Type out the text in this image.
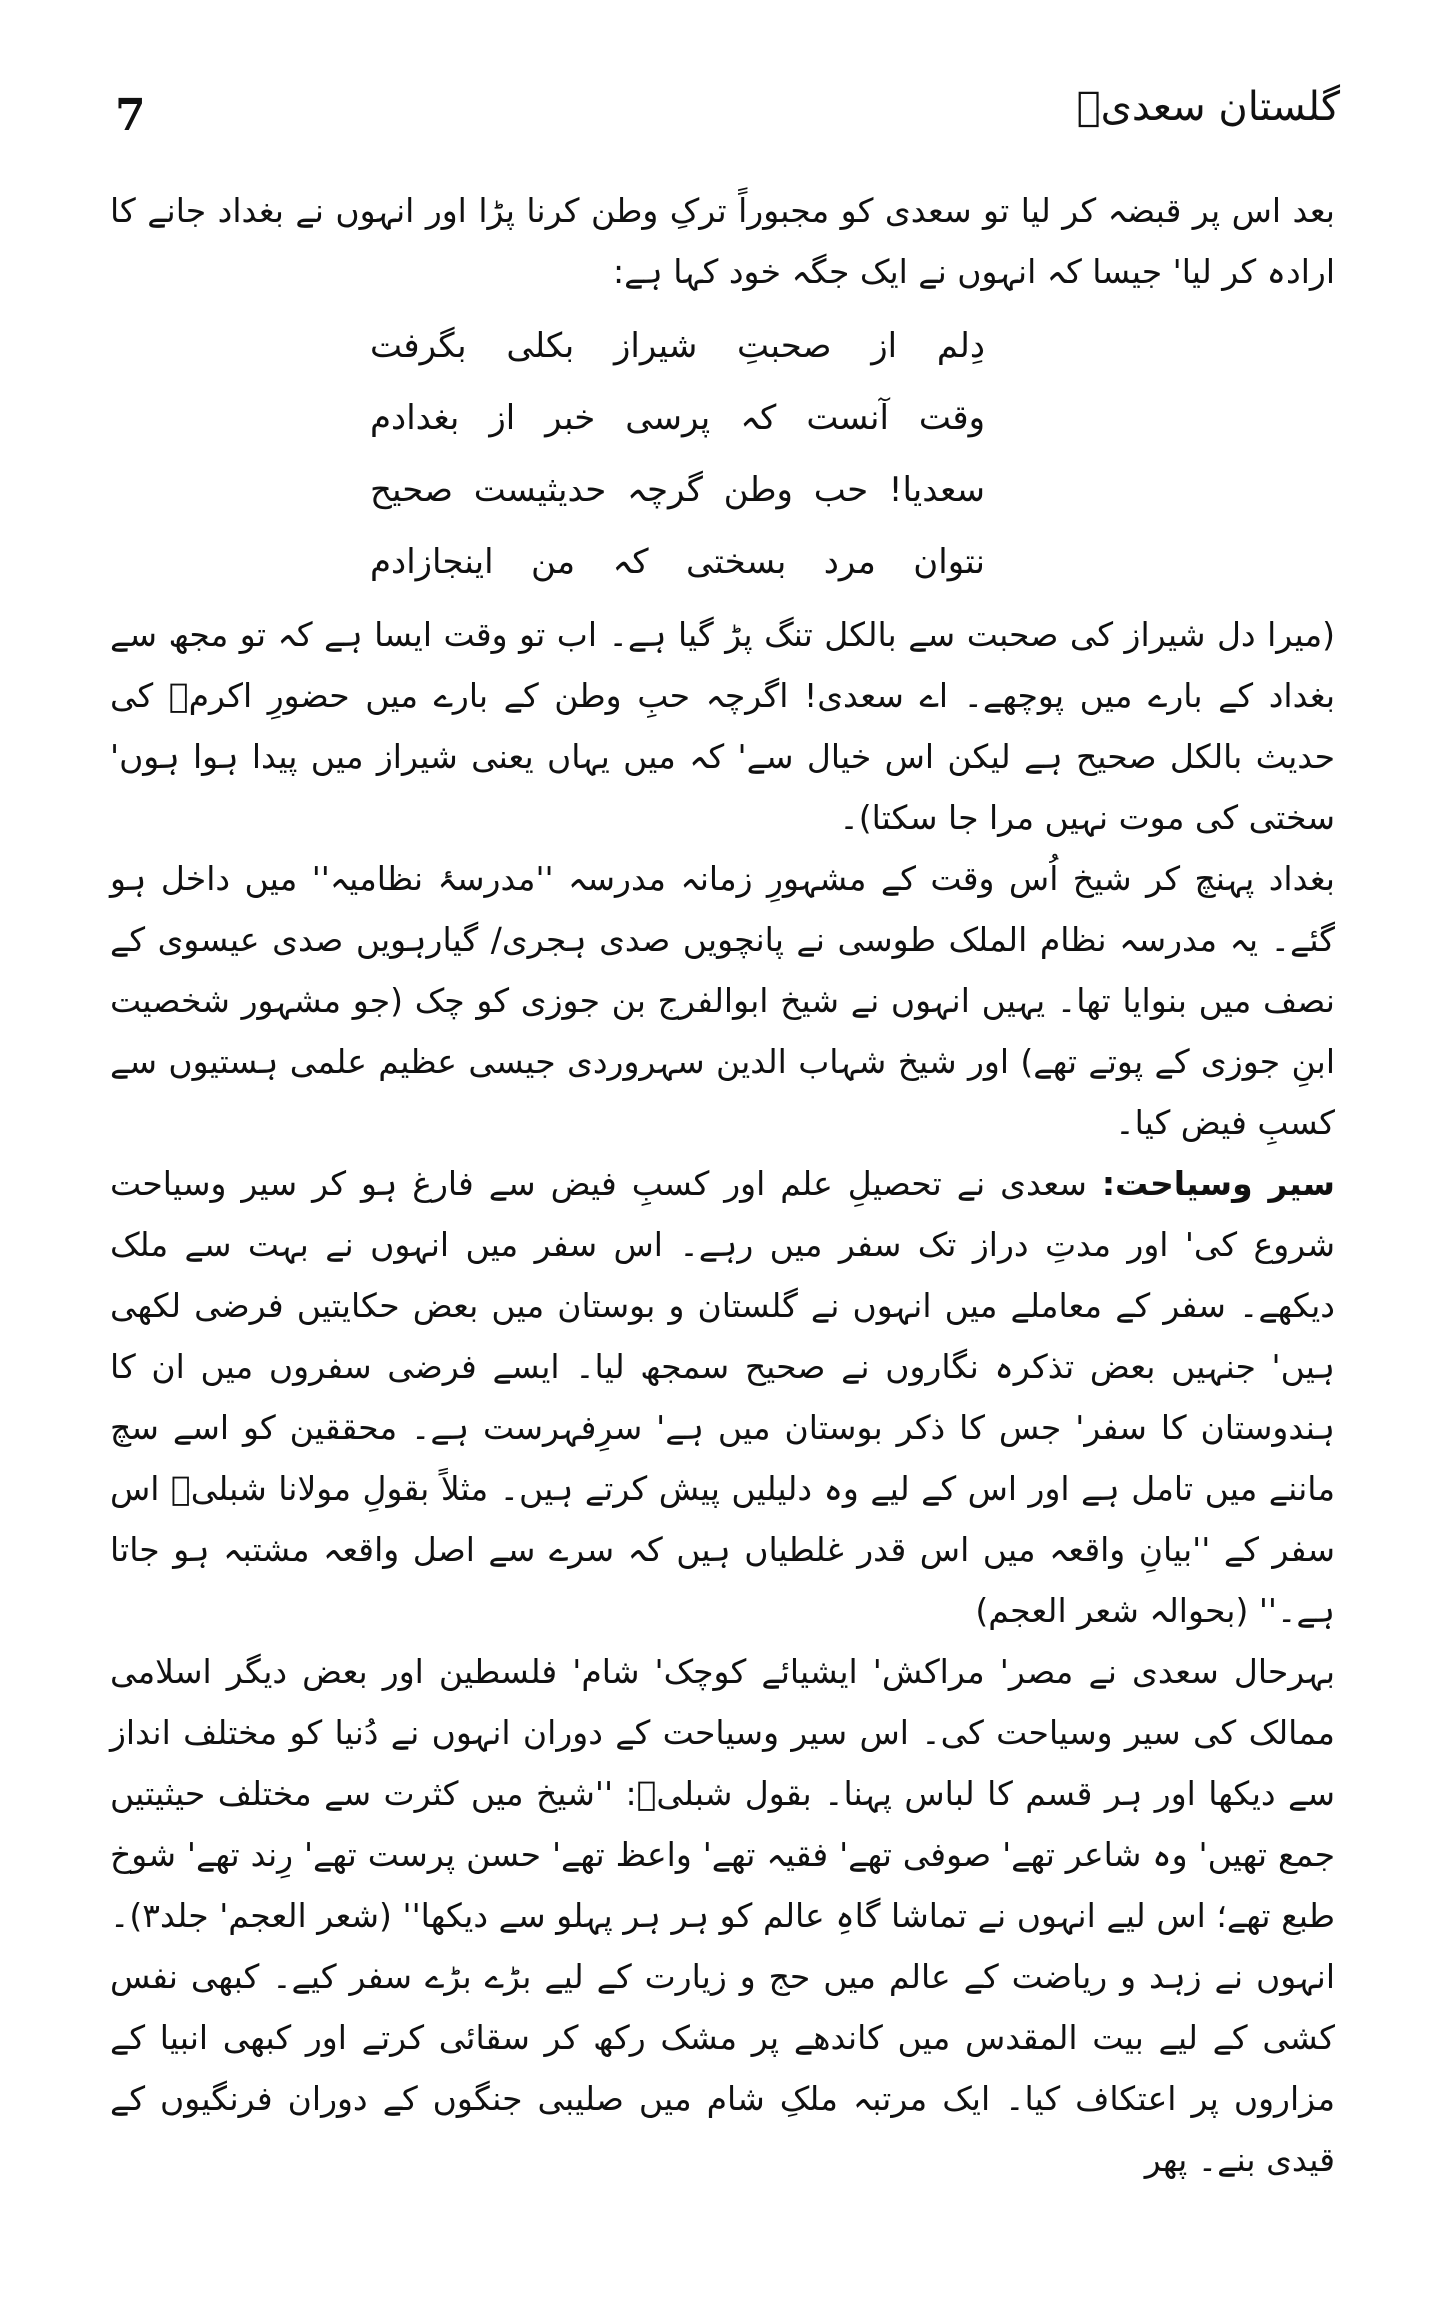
7	گلستان سعدیؒ

بعد اس پر قبضہ کر لیا تو سعدی کو مجبوراً ترکِ وطن کرنا پڑا اور انہوں نے بغداد جانے کا ارادہ کر لیا' جیسا کہ انہوں نے ایک جگہ خود کہا ہے:

دِلم از صحبتِ شیراز بکلی بگرفت
وقت آنست کہ پرسی خبر از بغدادم
سعدیا! حب وطن گرچہ حدیثیست صحیح
نتوان مرد بسختی کہ من اینجازادم

(میرا دل شیراز کی صحبت سے بالکل تنگ پڑ گیا ہے۔ اب تو وقت ایسا ہے کہ تو مجھ سے بغداد کے بارے میں پوچھے۔ اے سعدی! اگرچہ حبِ وطن کے بارے میں حضورِ اکرمؐ کی حدیث بالکل صحیح ہے لیکن اس خیال سے' کہ میں یہاں یعنی شیراز میں پیدا ہوا ہوں' سختی کی موت نہیں مرا جا سکتا)۔

بغداد پہنچ کر شیخ اُس وقت کے مشہورِ زمانہ مدرسہ ''مدرسۂ نظامیہ'' میں داخل ہو گئے۔ یہ مدرسہ نظام الملک طوسی نے پانچویں صدی ہجری/ گیارہویں صدی عیسوی کے نصف میں بنوایا تھا۔ یہیں انہوں نے شیخ ابوالفرج بن جوزی کو چک (جو مشہور شخصیت ابنِ جوزی کے پوتے تھے) اور شیخ شہاب الدین سہروردی جیسی عظیم علمی ہستیوں سے کسبِ فیض کیا۔

سیر وسیاحت: سعدی نے تحصیلِ علم اور کسبِ فیض سے فارغ ہو کر سیر وسیاحت شروع کی' اور مدتِ دراز تک سفر میں رہے۔ اس سفر میں انہوں نے بہت سے ملک دیکھے۔ سفر کے معاملے میں انہوں نے گلستان و بوستان میں بعض حکایتیں فرضی لکھی ہیں' جنہیں بعض تذکرہ نگاروں نے صحیح سمجھ لیا۔ ایسے فرضی سفروں میں ان کا ہندوستان کا سفر' جس کا ذکر بوستان میں ہے' سرِفہرست ہے۔ محققین کو اسے سچ ماننے میں تامل ہے اور اس کے لیے وہ دلیلیں پیش کرتے ہیں۔ مثلاً بقولِ مولانا شبلیؒ اس سفر کے ''بیانِ واقعہ میں اس قدر غلطیاں ہیں کہ سرے سے اصل واقعہ مشتبہ ہو جاتا ہے۔'' (بحوالہ شعر العجم)

بہرحال سعدی نے مصر' مراکش' ایشیائے کوچک' شام' فلسطین اور بعض دیگر اسلامی ممالک کی سیر وسیاحت کی۔ اس سیر وسیاحت کے دوران انہوں نے دُنیا کو مختلف انداز سے دیکھا اور ہر قسم کا لباس پہنا۔ بقول شبلیؒ: ''شیخ میں کثرت سے مختلف حیثیتیں جمع تھیں' وہ شاعر تھے' صوفی تھے' فقیہ تھے' واعظ تھے' حسن پرست تھے' رِند تھے' شوخ طبع تھے؛ اس لیے انہوں نے تماشا گاہِ عالم کو ہر ہر پہلو سے دیکھا'' (شعر العجم' جلد۳)۔ انہوں نے زہد و ریاضت کے عالم میں حج و زیارت کے لیے بڑے بڑے سفر کیے۔ کبھی نفس کشی کے لیے بیت المقدس میں کاندھے پر مشک رکھ کر سقائی کرتے اور کبھی انبیا کے مزاروں پر اعتکاف کیا۔ ایک مرتبہ ملکِ شام میں صلیبی جنگوں کے دوران فرنگیوں کے قیدی بنے۔ پھر
